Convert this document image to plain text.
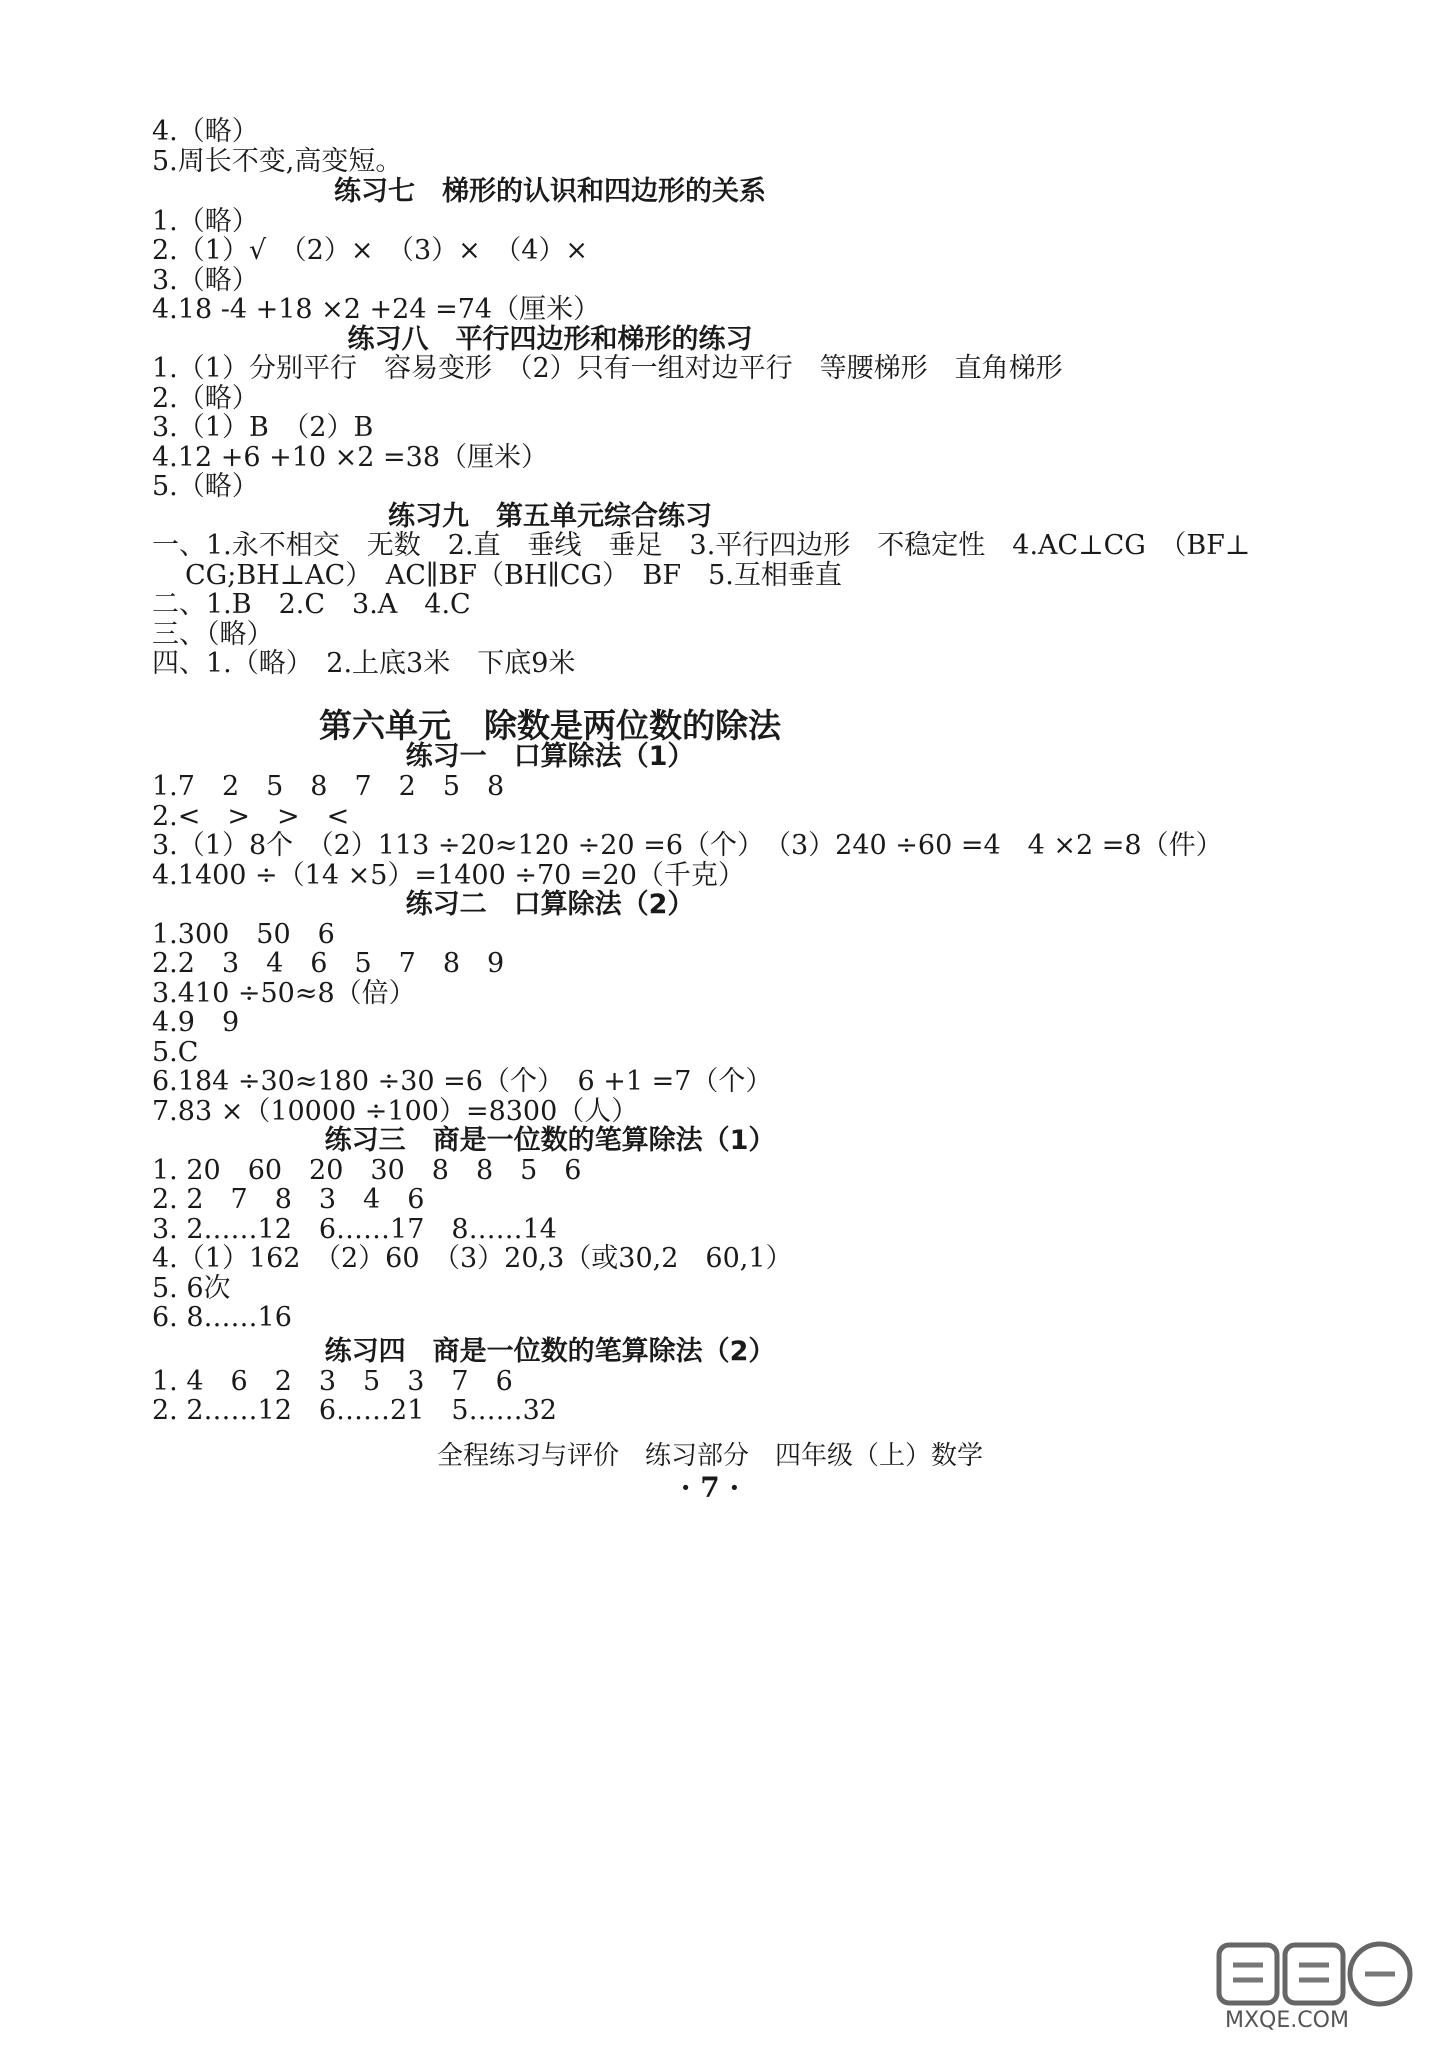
4.（略）
5.周长不变,高变短。
练习七　梯形的认识和四边形的关系
1.（略）
2.（1）√　（2）×　（3）×　（4）×
3.（略）
4.18 -4 +18 ×2 +24 =74（厘米）
练习八　平行四边形和梯形的练习
1.（1）分别平行　容易变形　（2）只有一组对边平行　等腰梯形　直角梯形
2.（略）
3.（1）B　（2）B
4.12 +6 +10 ×2 =38（厘米）
5.（略）
练习九　第五单元综合练习
一、1.永不相交　无数　2.直　垂线　垂足　3.平行四边形　不稳定性　4.AC⊥CG　（BF⊥
CG;BH⊥AC）　AC∥BF（BH∥CG）　BF　5.互相垂直
二、1.B　2.C　3.A　4.C
三、（略）
四、1.（略）　2.上底3米　下底9米
第六单元　除数是两位数的除法
练习一　口算除法（1）
1.7　2　5　8　7　2　5　8
2.<　>　>　<
3.（1）8个　（2）113 ÷20≈120 ÷20 =6（个）　（3）240 ÷60 =4　4 ×2 =8（件）
4.1400 ÷（14 ×5）=1400 ÷70 =20（千克）
练习二　口算除法（2）
1.300　50　6
2.2　3　4　6　5　7　8　9
3.410 ÷50≈8（倍）
4.9　9
5.C
6.184 ÷30≈180 ÷30 =6（个）　6 +1 =7（个）
7.83 ×（10000 ÷100）=8300（人）
练习三　商是一位数的笔算除法（1）
1. 20　60　20　30　8　8　5　6
2. 2　7　8　3　4　6
3. 2……12　6……17　8……14
4.（1）162　（2）60　（3）20,3（或30,2　60,1）
5. 6次
6. 8……16
练习四　商是一位数的笔算除法（2）
1. 4　6　2　3　5　3　7　6
2. 2……12　6……21　5……32
全程练习与评价　练习部分　四年级（上）数学
· 7 ·
MXQE.COM
